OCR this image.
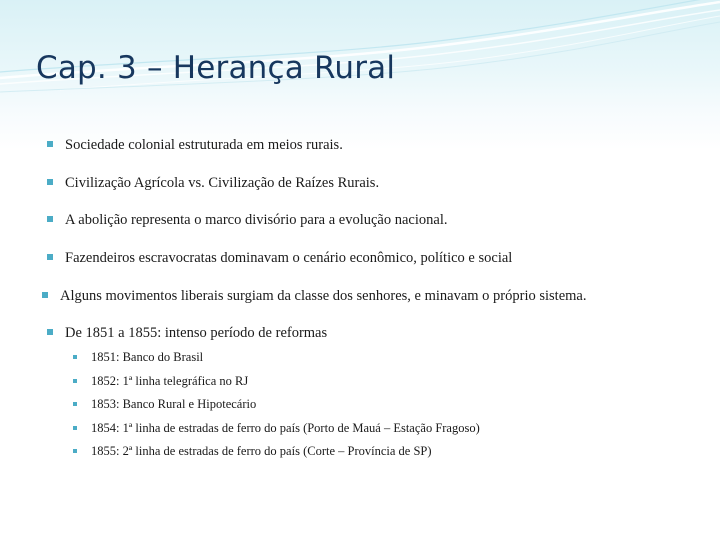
Cap. 3 – Herança Rural
Sociedade colonial estruturada em meios rurais.
Civilização Agrícola vs. Civilização de Raízes Rurais.
A abolição representa o marco divisório para a evolução nacional.
Fazendeiros escravocratas dominavam o cenário econômico, político e social
Alguns movimentos liberais surgiam da classe dos senhores, e minavam o próprio sistema.
De 1851 a 1855: intenso período de reformas
1851: Banco do Brasil
1852: 1ª linha telegráfica no RJ
1853: Banco Rural e Hipotecário
1854: 1ª linha de estradas de ferro do país (Porto de Mauá – Estação Fragoso)
1855: 2ª linha de estradas de ferro do país (Corte – Província de SP)
